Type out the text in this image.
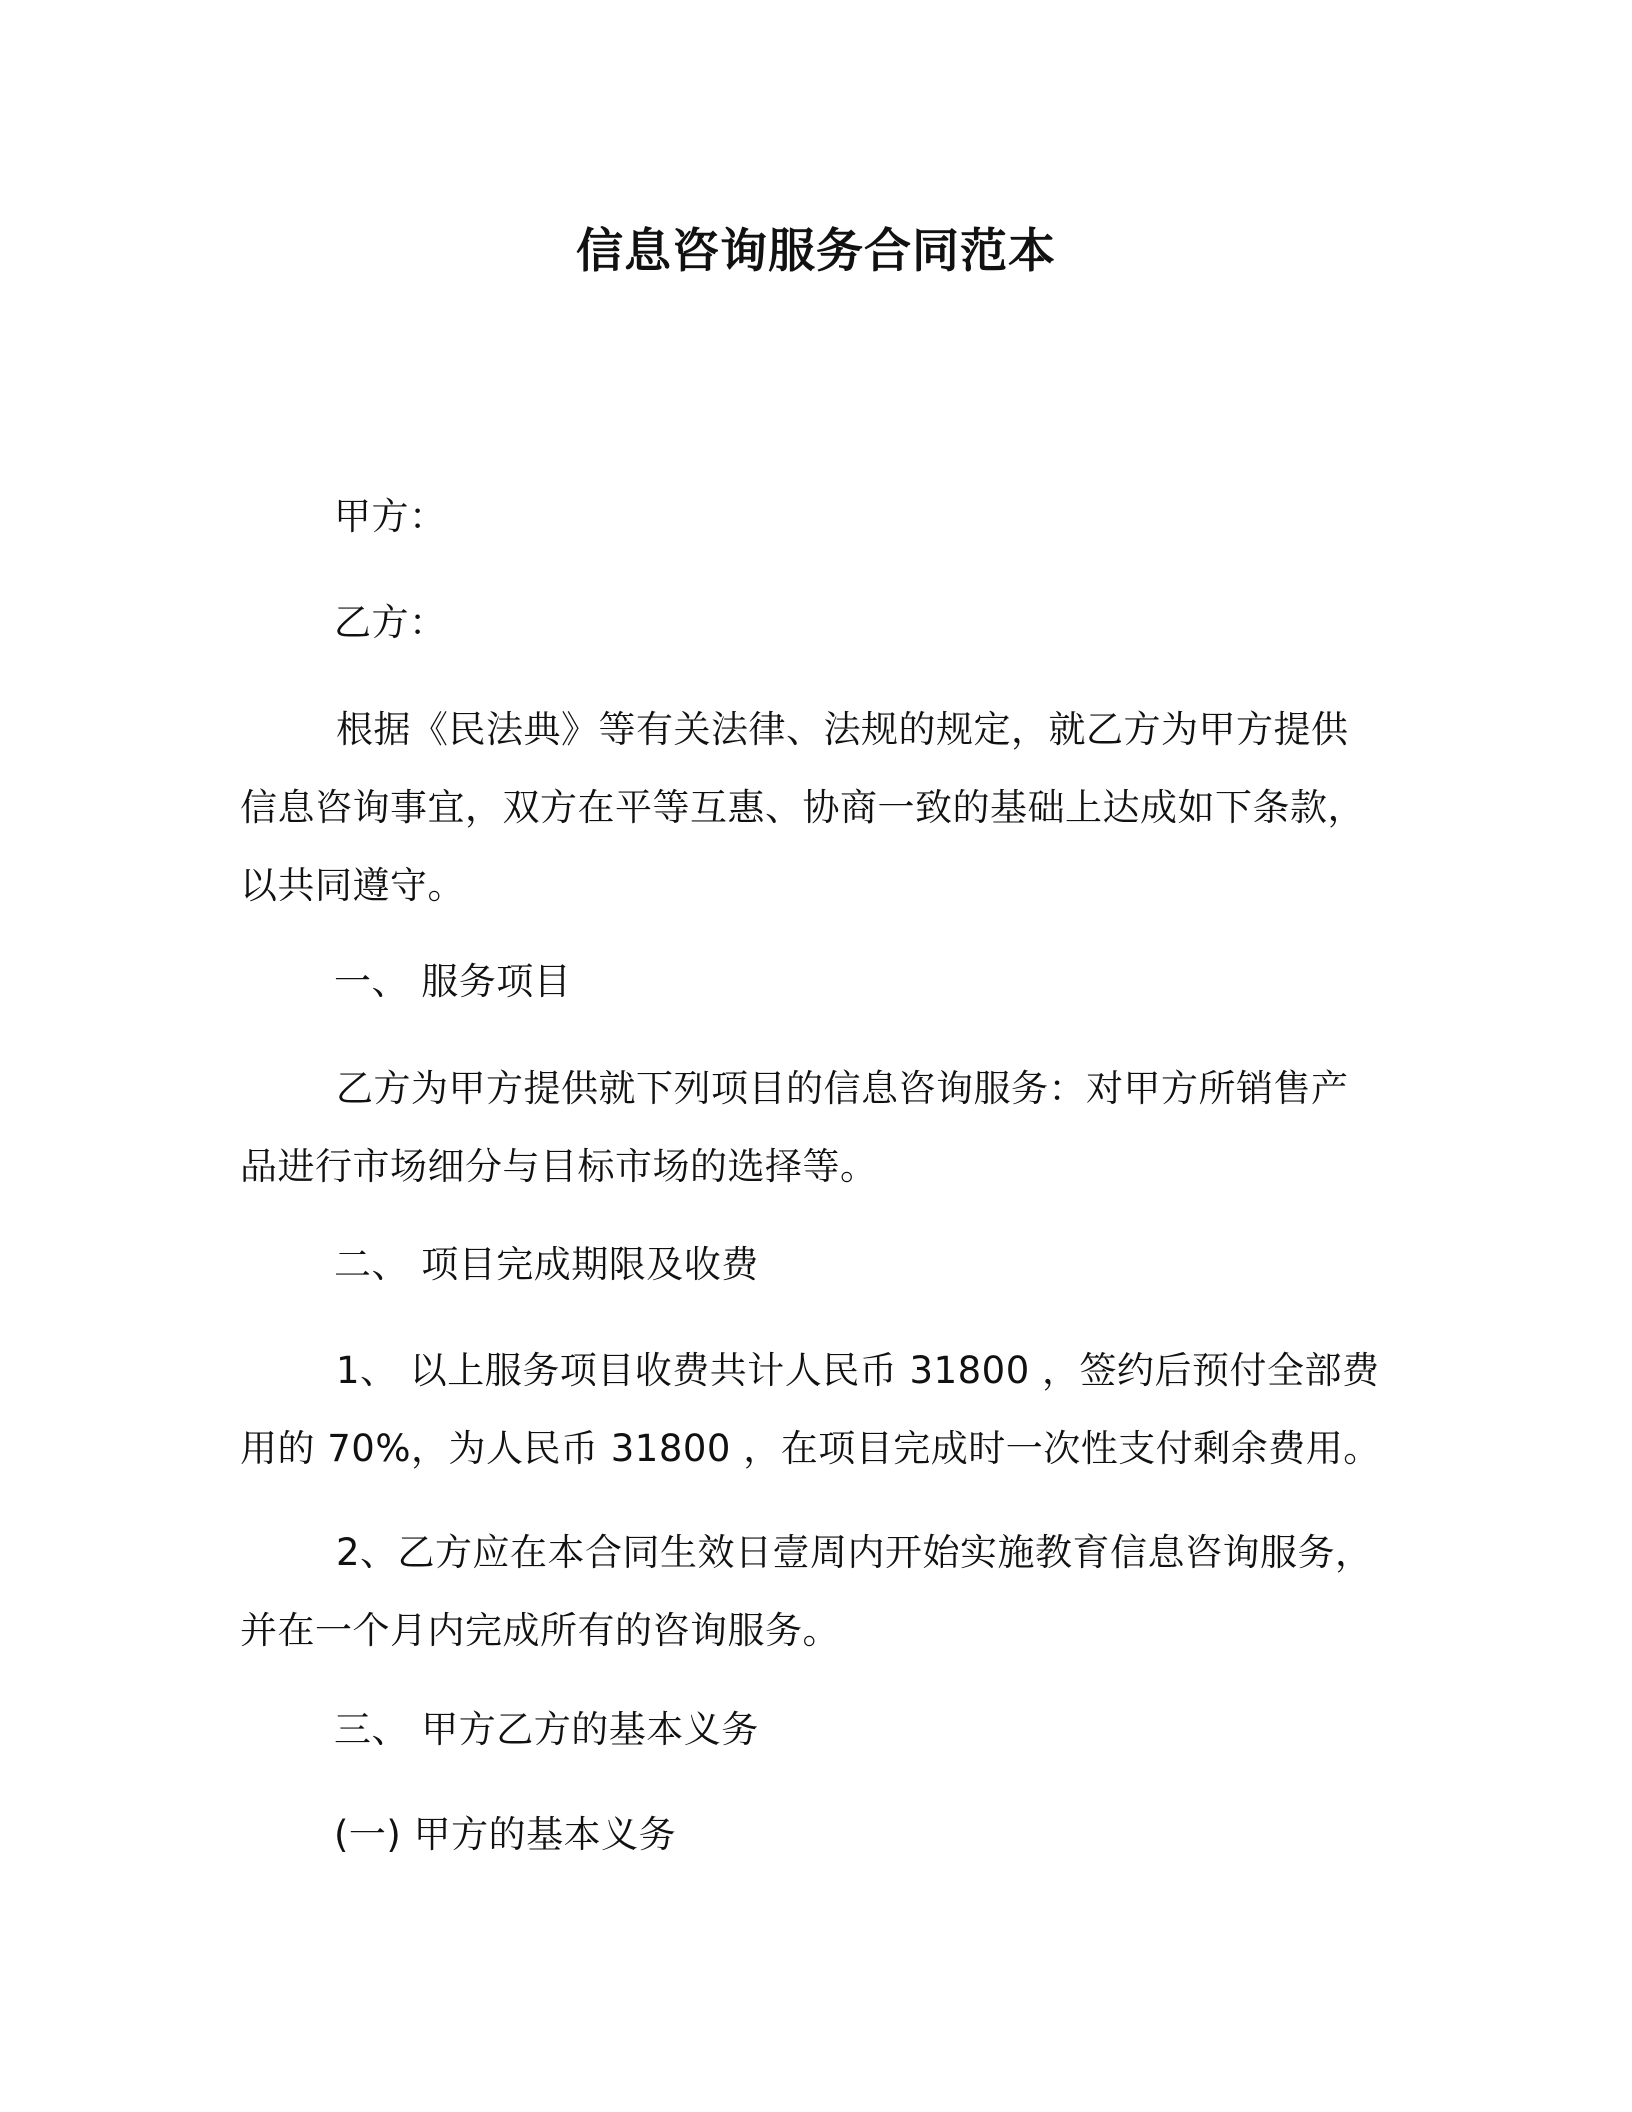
信息咨询服务合同范本
甲方：
乙方：
根据《民法典》等有关法律、法规的规定，就乙方为甲方提供信息咨询事宜，双方在平等互惠、协商一致的基础上达成如下条款，以共同遵守。
一、 服务项目
乙方为甲方提供就下列项目的信息咨询服务：对甲方所销售产品进行市场细分与目标市场的选择等。
二、 项目完成期限及收费
1、 以上服务项目收费共计人民币 31800 ，签约后预付全部费用的 70%，为人民币 31800 ，在项目完成时一次性支付剩余费用。
2、乙方应在本合同生效日壹周内开始实施教育信息咨询服务，并在一个月内完成所有的咨询服务。
三、 甲方乙方的基本义务
(一) 甲方的基本义务
